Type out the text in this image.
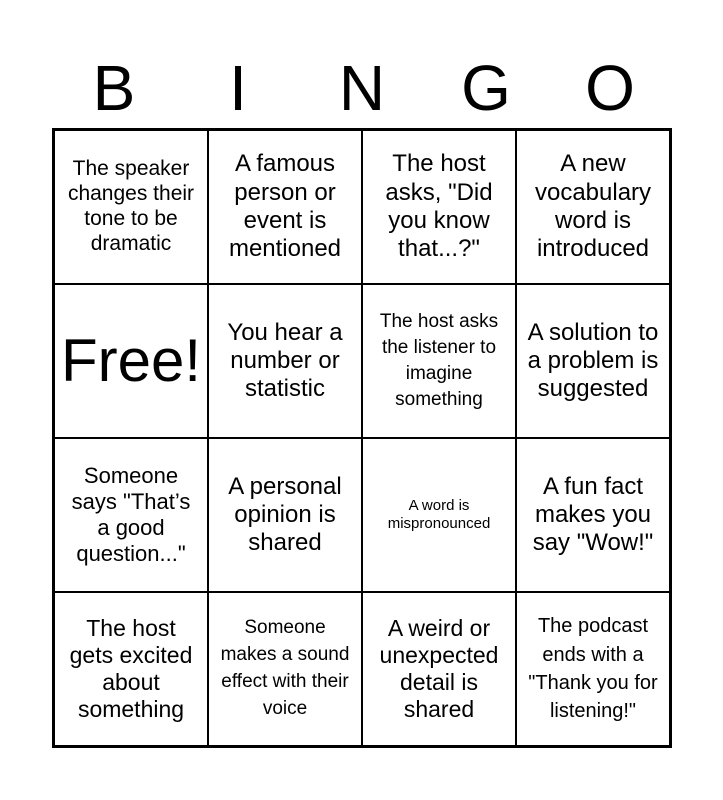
B	I	N	G	O
The speaker changes their tone to be dramatic
A famous person or event is mentioned
The host asks, "Did you know that...?"
A new vocabulary word is introduced
Free!	You hear a number or statistic
The host asks the listener to imagine something
A solution to a problem is suggested
Someone says "That’s a good question..."
A personal opinion is shared
A word is mispronounced
A fun fact makes you say "Wow!"
The host gets excited about something
Someone makes a sound effect with their voice
A weird or unexpected detail is shared
The podcast ends with a "Thank you for listening!"
